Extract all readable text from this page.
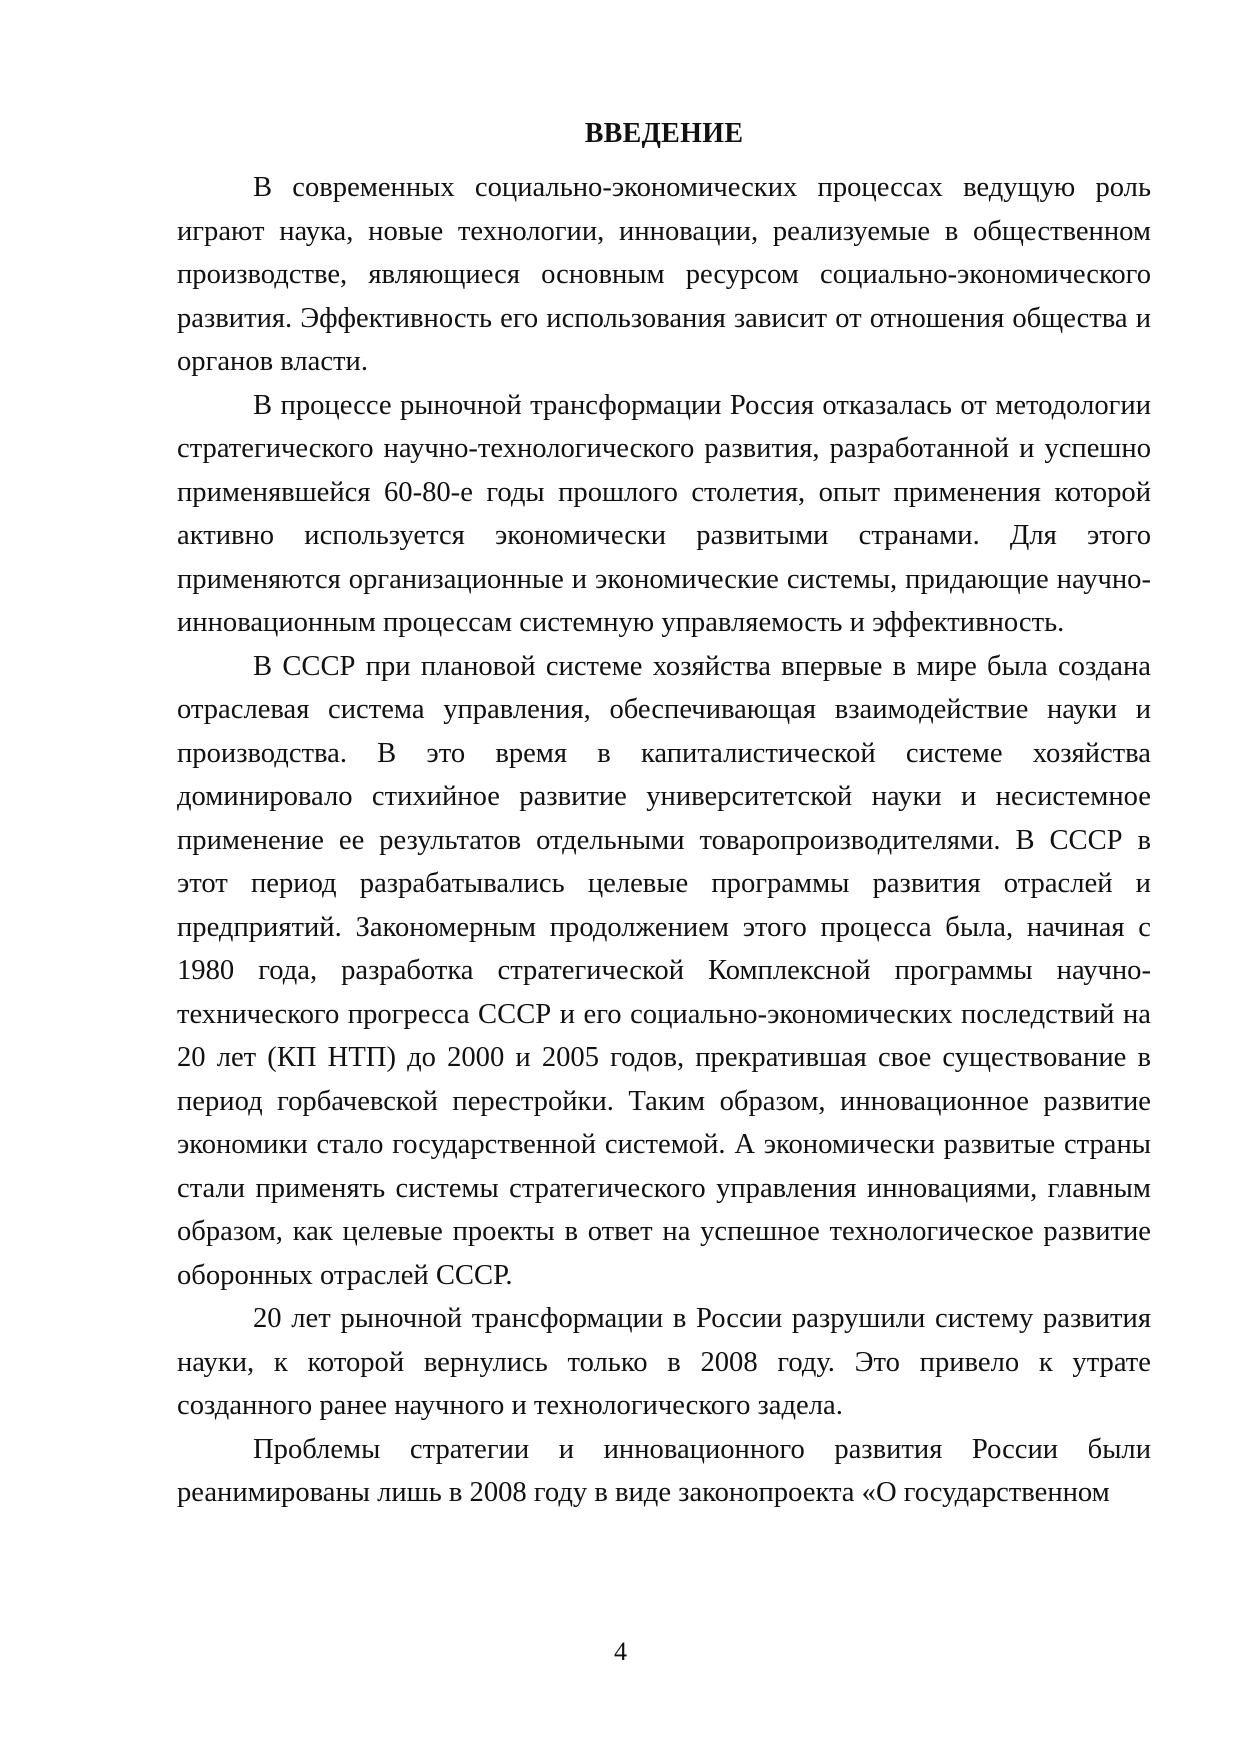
ВВЕДЕНИЕ

В современных социально-экономических процессах ведущую роль играют наука, новые технологии, инновации, реализуемые в общественном производстве, являющиеся основным ресурсом социально-экономического развития. Эффективность его использования зависит от отношения общества и органов власти.

В процессе рыночной трансформации Россия отказалась от методологии стратегического научно-технологического развития, разработанной и успешно применявшейся 60-80-е годы прошлого столетия, опыт применения которой активно используется экономически развитыми странами. Для этого применяются организационные и экономические системы, придающие научно-инновационным процессам системную управляемость и эффективность.

В СССР при плановой системе хозяйства впервые в мире была создана отраслевая система управления, обеспечивающая взаимодействие науки и производства. В это время в капиталистической системе хозяйства доминировало стихийное развитие университетской науки и несистемное применение ее результатов отдельными товаропроизводителями. В СССР в этот период разрабатывались целевые программы развития отраслей и предприятий. Закономерным продолжением этого процесса была, начиная с 1980 года, разработка стратегической Комплексной программы научно-технического прогресса СССР и его социально-экономических последствий на 20 лет (КП НТП) до 2000 и 2005 годов, прекратившая свое существование в период горбачевской перестройки. Таким образом, инновационное развитие экономики стало государственной системой. А экономически развитые страны стали применять системы стратегического управления инновациями, главным образом, как целевые проекты в ответ на успешное технологическое развитие оборонных отраслей СССР.

20 лет рыночной трансформации в России разрушили систему развития науки, к которой вернулись только в 2008 году. Это привело к утрате созданного ранее научного и технологического задела.

Проблемы стратегии и инновационного развития России были реанимированы лишь в 2008 году в виде законопроекта «О государственном

4
